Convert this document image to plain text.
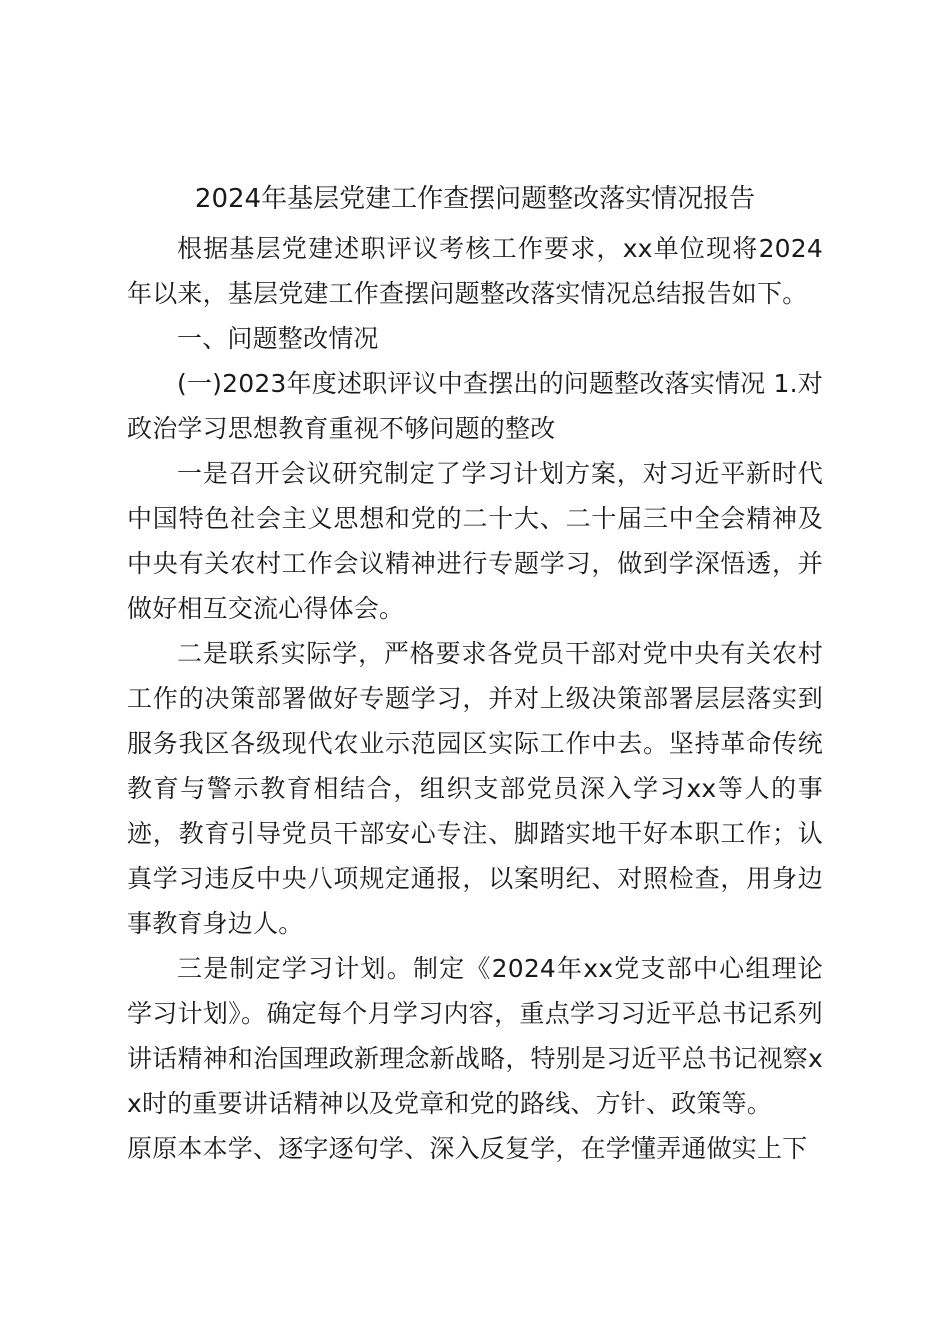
2024年基层党建工作查摆问题整改落实情况报告

根据基层党建述职评议考核工作要求，xx单位现将2024年以来，基层党建工作查摆问题整改落实情况总结报告如下。

一、问题整改情况

(一)2023年度述职评议中查摆出的问题整改落实情况 1.对政治学习思想教育重视不够问题的整改

一是召开会议研究制定了学习计划方案，对习近平新时代中国特色社会主义思想和党的二十大、二十届三中全会精神及中央有关农村工作会议精神进行专题学习，做到学深悟透，并做好相互交流心得体会。

二是联系实际学，严格要求各党员干部对党中央有关农村工作的决策部署做好专题学习，并对上级决策部署层层落实到服务我区各级现代农业示范园区实际工作中去。坚持革命传统教育与警示教育相结合，组织支部党员深入学习xx等人的事迹，教育引导党员干部安心专注、脚踏实地干好本职工作；认真学习违反中央八项规定通报，以案明纪、对照检查，用身边事教育身边人。

三是制定学习计划。制定《2024年xx党支部中心组理论学习计划》。确定每个月学习内容，重点学习习近平总书记系列讲话精神和治国理政新理念新战略，特别是习近平总书记视察xx时的重要讲话精神以及党章和党的路线、方针、政策等。

原原本本学、逐字逐句学、深入反复学，在学懂弄通做实上下
